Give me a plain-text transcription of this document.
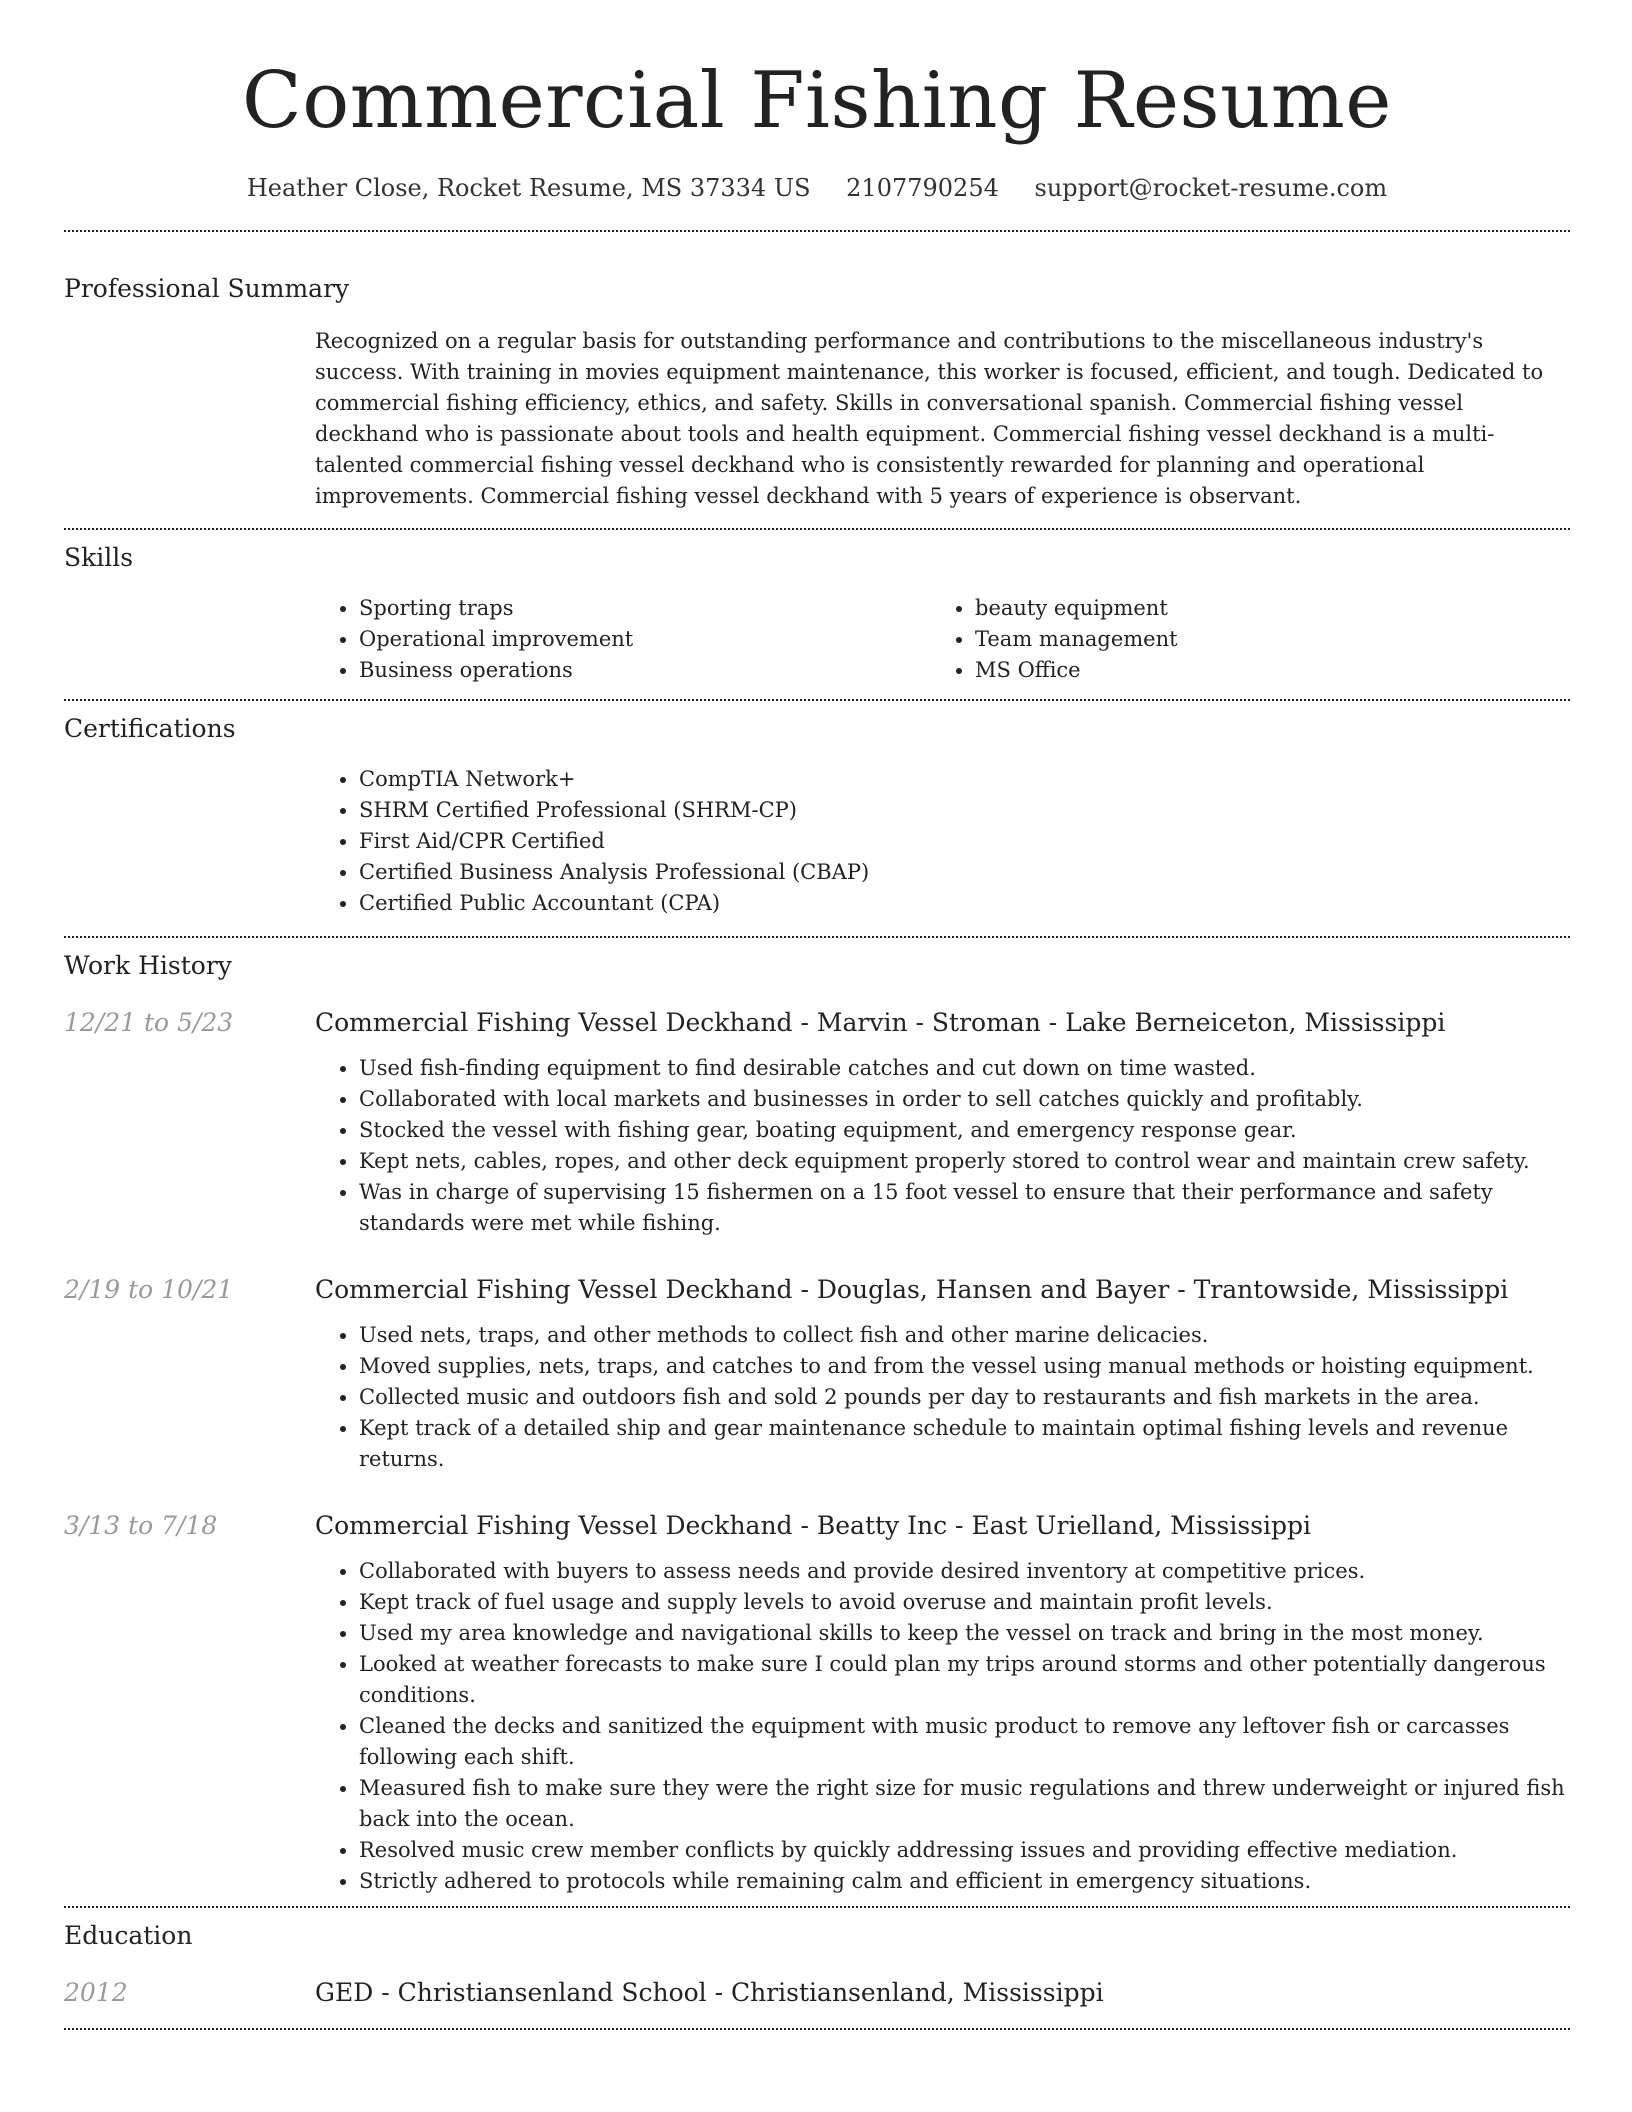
Commercial Fishing Resume
Heather Close, Rocket Resume, MS 37334 US 2107790254 support@rocket-resume.com
Professional Summary
Recognized on a regular basis for outstanding performance and contributions to the miscellaneous industry's success. With training in movies equipment maintenance, this worker is focused, efficient, and tough. Dedicated to commercial fishing efficiency, ethics, and safety. Skills in conversational spanish. Commercial fishing vessel deckhand who is passionate about tools and health equipment. Commercial fishing vessel deckhand is a multi-talented commercial fishing vessel deckhand who is consistently rewarded for planning and operational improvements. Commercial fishing vessel deckhand with 5 years of experience is observant.
Skills
• Sporting traps
• Operational improvement
• Business operations
• beauty equipment
• Team management
• MS Office
Certifications
• CompTIA Network+
• SHRM Certified Professional (SHRM-CP)
• First Aid/CPR Certified
• Certified Business Analysis Professional (CBAP)
• Certified Public Accountant (CPA)
Work History
12/21 to 5/23	Commercial Fishing Vessel Deckhand - Marvin - Stroman - Lake Berneiceton, Mississippi
• Used fish-finding equipment to find desirable catches and cut down on time wasted.
• Collaborated with local markets and businesses in order to sell catches quickly and profitably.
• Stocked the vessel with fishing gear, boating equipment, and emergency response gear.
• Kept nets, cables, ropes, and other deck equipment properly stored to control wear and maintain crew safety.
• Was in charge of supervising 15 fishermen on a 15 foot vessel to ensure that their performance and safety standards were met while fishing.
2/19 to 10/21	Commercial Fishing Vessel Deckhand - Douglas, Hansen and Bayer - Trantowside, Mississippi
• Used nets, traps, and other methods to collect fish and other marine delicacies.
• Moved supplies, nets, traps, and catches to and from the vessel using manual methods or hoisting equipment.
• Collected music and outdoors fish and sold 2 pounds per day to restaurants and fish markets in the area.
• Kept track of a detailed ship and gear maintenance schedule to maintain optimal fishing levels and revenue returns.
3/13 to 7/18	Commercial Fishing Vessel Deckhand - Beatty Inc - East Urielland, Mississippi
• Collaborated with buyers to assess needs and provide desired inventory at competitive prices.
• Kept track of fuel usage and supply levels to avoid overuse and maintain profit levels.
• Used my area knowledge and navigational skills to keep the vessel on track and bring in the most money.
• Looked at weather forecasts to make sure I could plan my trips around storms and other potentially dangerous conditions.
• Cleaned the decks and sanitized the equipment with music product to remove any leftover fish or carcasses following each shift.
• Measured fish to make sure they were the right size for music regulations and threw underweight or injured fish back into the ocean.
• Resolved music crew member conflicts by quickly addressing issues and providing effective mediation.
• Strictly adhered to protocols while remaining calm and efficient in emergency situations.
Education
2012	GED - Christiansenland School - Christiansenland, Mississippi
